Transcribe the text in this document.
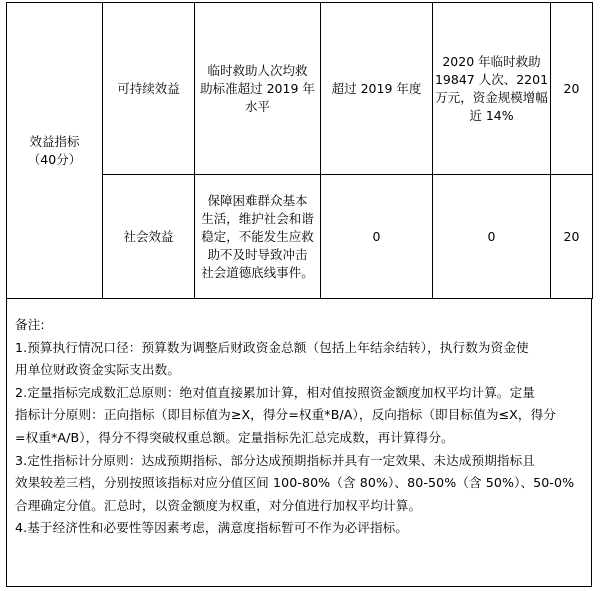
效益指标
（40分）	可持续效益	临时救助人次均救
助标准超过 2019 年
水平	超过 2019 年度	2020 年临时救助
19847 人次、2201
万元，资金规模增幅
近 14%	20
	社会效益	保障困难群众基本
生活，维护社会和谐
稳定，不能发生应救
助不及时导致冲击
社会道德底线事件。	0	0	20

备注:

1.预算执行情况口径：预算数为调整后财政资金总额（包括上年结余结转），执行数为资金使

用单位财政资金实际支出数。

2.定量指标完成数汇总原则：绝对值直接累加计算，相对值按照资金额度加权平均计算。定量

指标计分原则：正向指标（即目标值为≥X，得分=权重*B/A），反向指标（即目标值为≤X，得分

=权重*A/B），得分不得突破权重总额。定量指标先汇总完成数，再计算得分。

3.定性指标计分原则：达成预期指标、部分达成预期指标并具有一定效果、未达成预期指标且

效果较差三档，分别按照该指标对应分值区间 100-80%（含 80%）、80-50%（含 50%）、50-0%

合理确定分值。汇总时，以资金额度为权重，对分值进行加权平均计算。

4.基于经济性和必要性等因素考虑，满意度指标暂可不作为必评指标。
